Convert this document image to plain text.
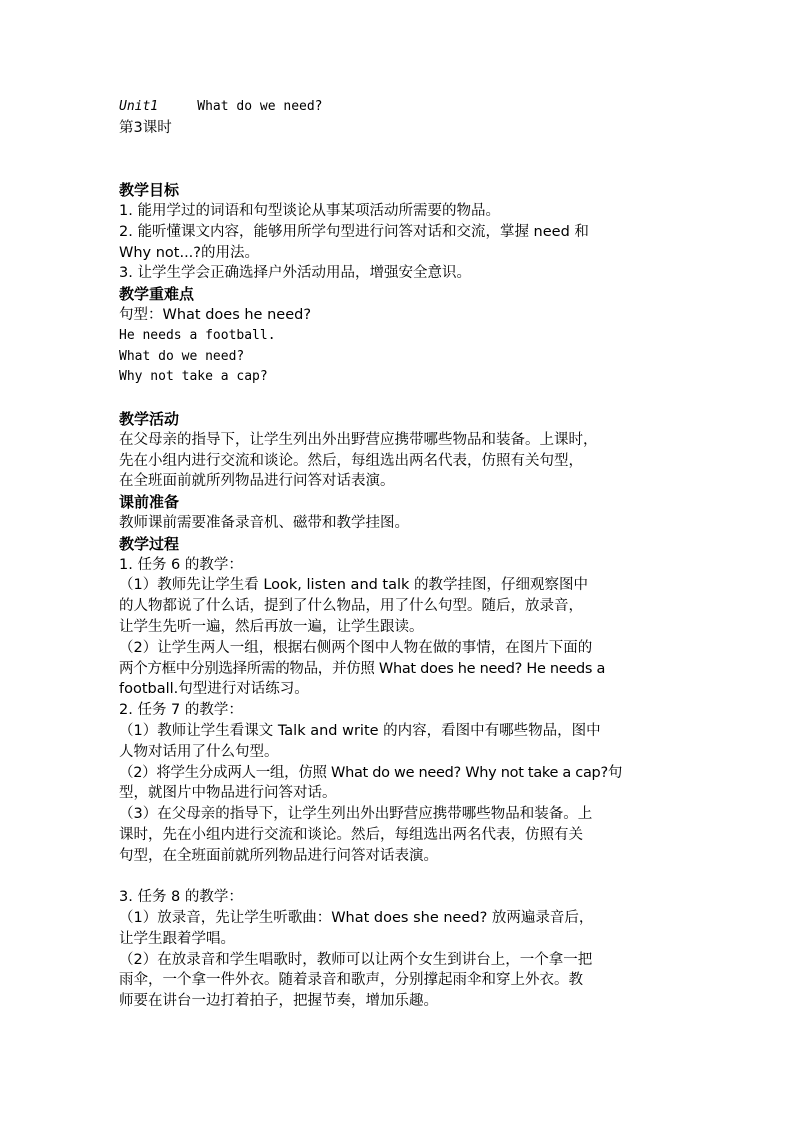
Unit1	What do we need?

第3课时

教学目标

1. 能用学过的词语和句型谈论从事某项活动所需要的物品。

2. 能听懂课文内容，能够用所学句型进行问答对话和交流，掌握 need 和

Why not...?的用法。

3. 让学生学会正确选择户外活动用品，增强安全意识。

教学重难点

句型：What does he need?

He needs a football.

What do we need?

Why not take a cap?

教学活动

在父母亲的指导下，让学生列出外出野营应携带哪些物品和装备。上课时，

先在小组内进行交流和谈论。然后，每组选出两名代表，仿照有关句型，

在全班面前就所列物品进行问答对话表演。

课前准备

教师课前需要准备录音机、磁带和教学挂图。

教学过程

1. 任务 6 的教学：

（1）教师先让学生看 Look, listen and talk 的教学挂图，仔细观察图中

的人物都说了什么话，提到了什么物品，用了什么句型。随后，放录音，

让学生先听一遍，然后再放一遍，让学生跟读。

（2）让学生两人一组，根据右侧两个图中人物在做的事情，在图片下面的

两个方框中分别选择所需的物品，并仿照 What does he need? He needs a

football.句型进行对话练习。

2. 任务 7 的教学：

（1）教师让学生看课文 Talk and write 的内容，看图中有哪些物品，图中

人物对话用了什么句型。

（2）将学生分成两人一组，仿照 What do we need? Why not take a cap?句

型，就图片中物品进行问答对话。

（3）在父母亲的指导下，让学生列出外出野营应携带哪些物品和装备。上

课时，先在小组内进行交流和谈论。然后，每组选出两名代表，仿照有关

句型，在全班面前就所列物品进行问答对话表演。

3. 任务 8 的教学：

（1）放录音，先让学生听歌曲：What does she need? 放两遍录音后，

让学生跟着学唱。

（2）在放录音和学生唱歌时，教师可以让两个女生到讲台上，一个拿一把

雨伞，一个拿一件外衣。随着录音和歌声，分别撑起雨伞和穿上外衣。教

师要在讲台一边打着拍子，把握节奏，增加乐趣。
